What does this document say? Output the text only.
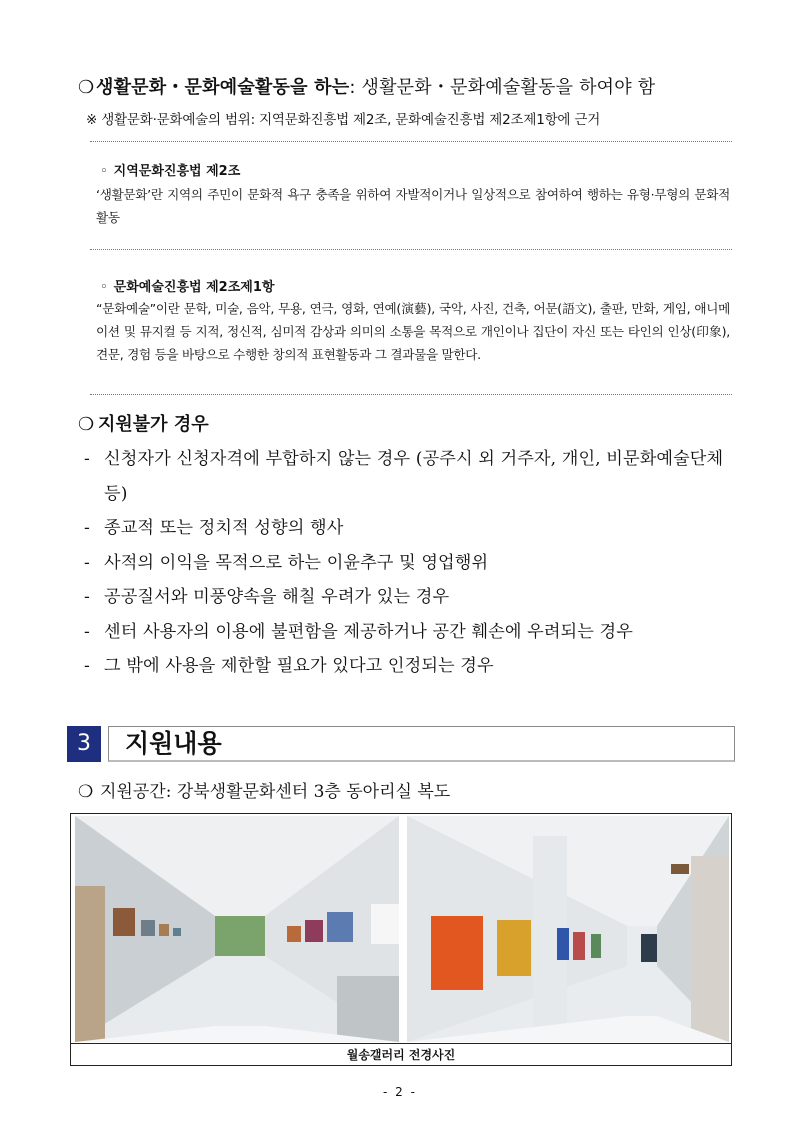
❍생활문화・문화예술활동을 하는: 생활문화・문화예술활동을 하여야 함
※ 생활문화·문화예술의 범위: 지역문화진흥법 제2조, 문화예술진흥법 제2조제1항에 근거
◦ 지역문화진흥법 제2조
‘생활문화’란 지역의 주민이 문화적 욕구 충족을 위하여 자발적이거나 일상적으로 참여하여 행하는 유형·무형의 문화적 활동
◦ 문화예술진흥법 제2조제1항
“문화예술”이란 문학, 미술, 음악, 무용, 연극, 영화, 연예(演藝), 국악, 사진, 건축, 어문(語文), 출판, 만화, 게임, 애니메이션 및 뮤지컬 등 지적, 정신적, 심미적 감상과 의미의 소통을 목적으로 개인이나 집단이 자신 또는 타인의 인상(印象), 견문, 경험 등을 바탕으로 수행한 창의적 표현활동과 그 결과물을 말한다.
❍ 지원불가 경우
- 신청자가 신청자격에 부합하지 않는 경우 (공주시 외 거주자, 개인, 비문화예술단체 등)
- 종교적 또는 정치적 성향의 행사
- 사적의 이익을 목적으로 하는 이윤추구 및 영업행위
- 공공질서와 미풍양속을 해칠 우려가 있는 경우
- 센터 사용자의 이용에 불편함을 제공하거나 공간 훼손에 우려되는 경우
- 그 밖에 사용을 제한할 필요가 있다고 인정되는 경우
3	지원내용
❍ 지원공간: 강북생활문화센터 3층 동아리실 복도
월송갤러리 전경사진
- 2 -
